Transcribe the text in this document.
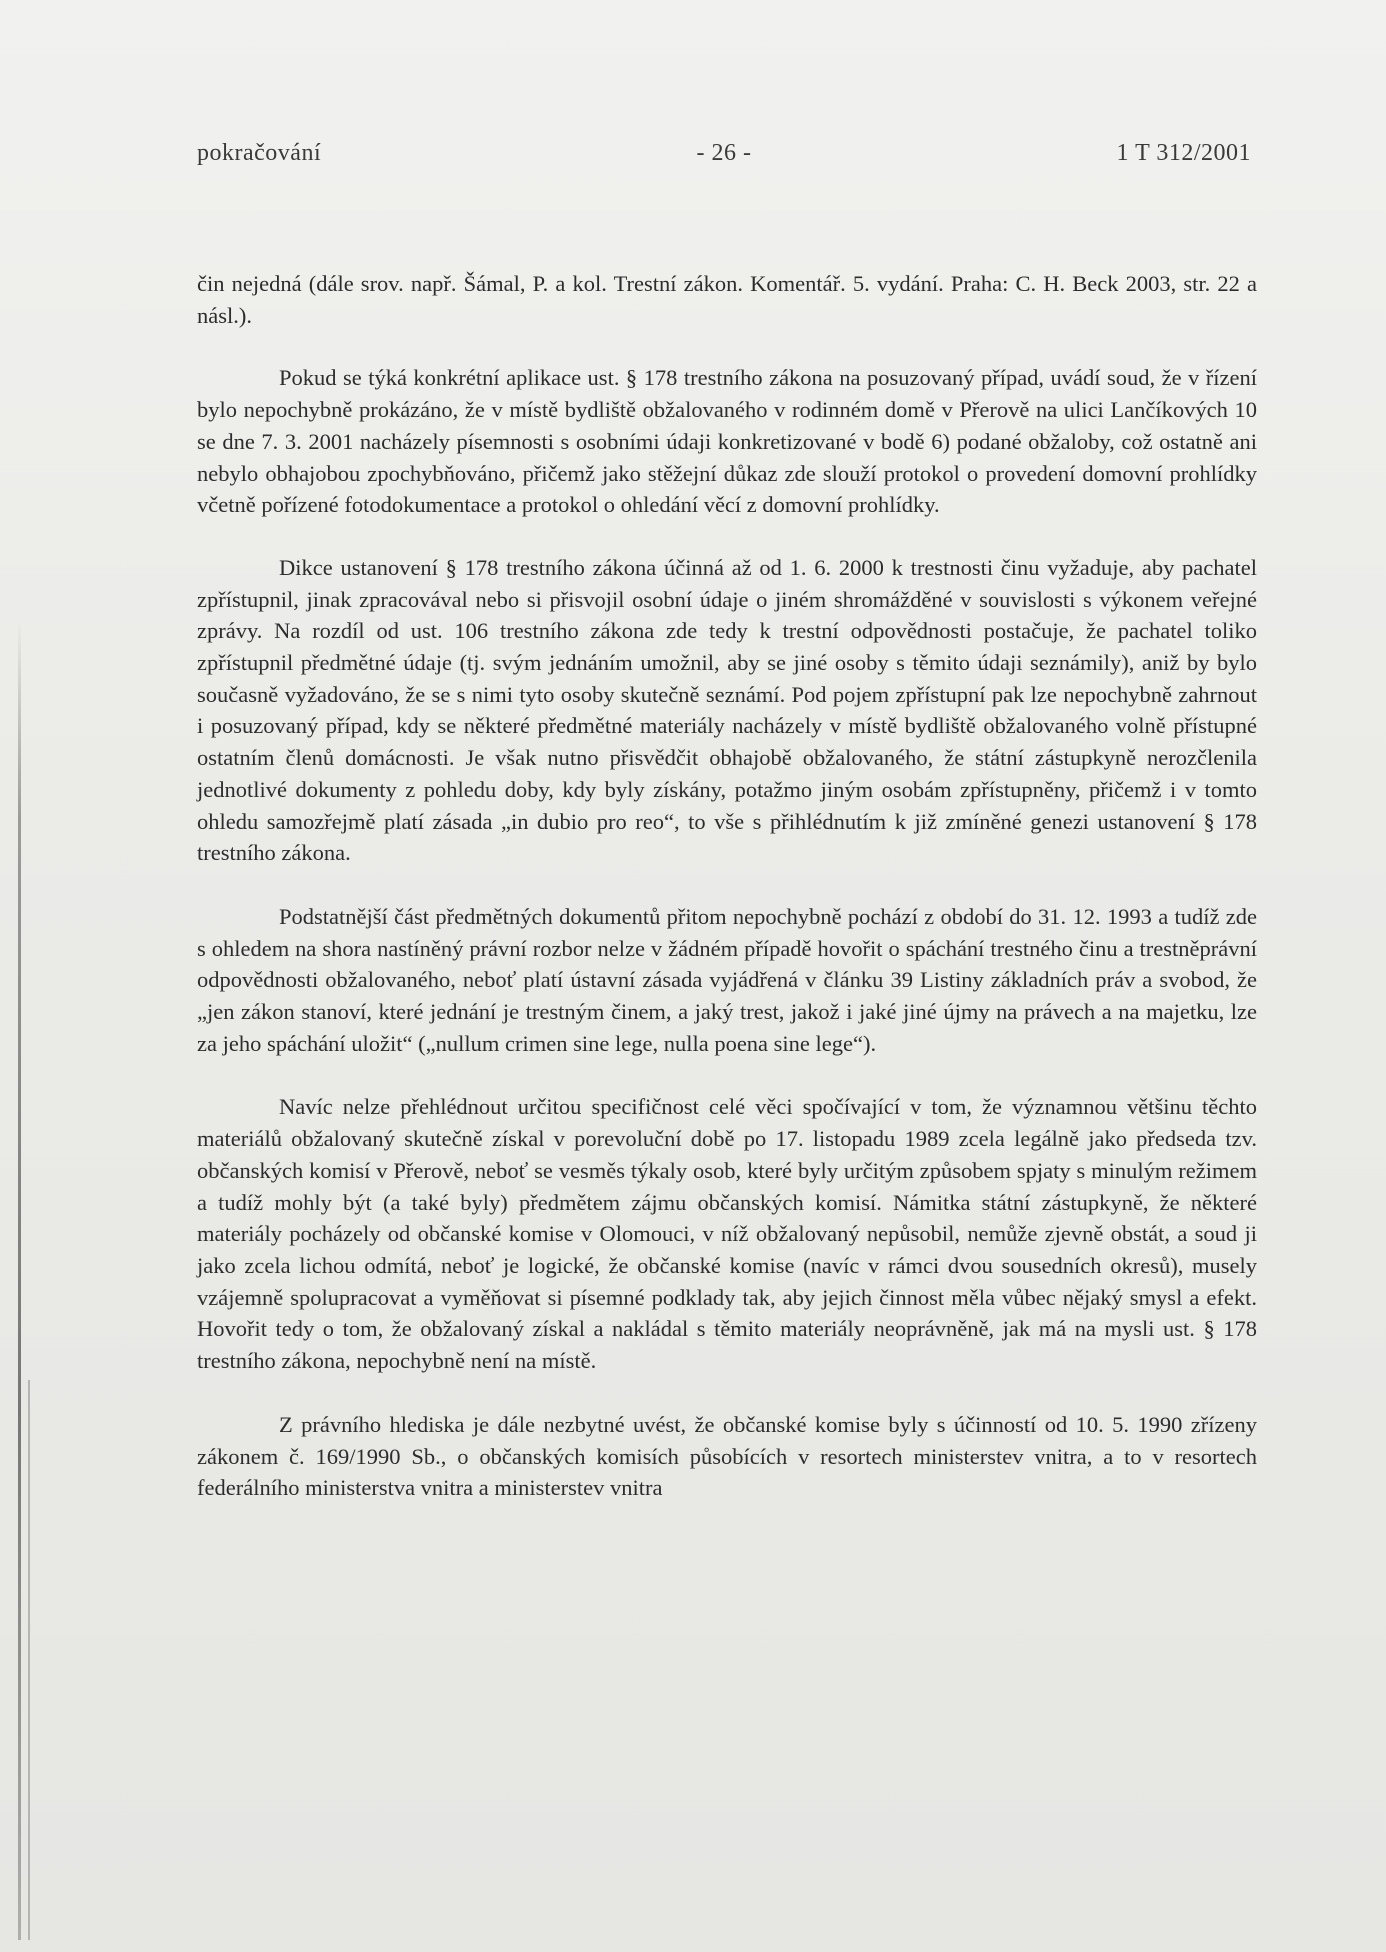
pokračování	- 26 -	1 T 312/2001

čin nejedná (dále srov. např. Šámal, P. a kol. Trestní zákon. Komentář. 5. vydání. Praha: C. H. Beck 2003, str. 22 a násl.).

Pokud se týká konkrétní aplikace ust. § 178 trestního zákona na posuzovaný případ, uvádí soud, že v řízení bylo nepochybně prokázáno, že v místě bydliště obžalovaného v rodinném domě v Přerově na ulici Lančíkových 10 se dne 7. 3. 2001 nacházely písemnosti s osobními údaji konkretizované v bodě 6) podané obžaloby, což ostatně ani nebylo obhajobou zpochybňováno, přičemž jako stěžejní důkaz zde slouží protokol o provedení domovní prohlídky včetně pořízené fotodokumentace a protokol o ohledání věcí z domovní prohlídky.

Dikce ustanovení § 178 trestního zákona účinná až od 1. 6. 2000 k trestnosti činu vyžaduje, aby pachatel zpřístupnil, jinak zpracovával nebo si přisvojil osobní údaje o jiném shromážděné v souvislosti s výkonem veřejné zprávy. Na rozdíl od ust. 106 trestního zákona zde tedy k trestní odpovědnosti postačuje, že pachatel toliko zpřístupnil předmětné údaje (tj. svým jednáním umožnil, aby se jiné osoby s těmito údaji seznámily), aniž by bylo současně vyžadováno, že se s nimi tyto osoby skutečně seznámí. Pod pojem zpřístupní pak lze nepochybně zahrnout i posuzovaný případ, kdy se některé předmětné materiály nacházely v místě bydliště obžalovaného volně přístupné ostatním členů domácnosti. Je však nutno přisvědčit obhajobě obžalovaného, že státní zástupkyně nerozčlenila jednotlivé dokumenty z pohledu doby, kdy byly získány, potažmo jiným osobám zpřístupněny, přičemž i v tomto ohledu samozřejmě platí zásada „in dubio pro reo“, to vše s přihlédnutím k již zmíněné genezi ustanovení § 178 trestního zákona.

Podstatnější část předmětných dokumentů přitom nepochybně pochází z období do 31. 12. 1993 a tudíž zde s ohledem na shora nastíněný právní rozbor nelze v žádném případě hovořit o spáchání trestného činu a trestněprávní odpovědnosti obžalovaného, neboť platí ústavní zásada vyjádřená v článku 39 Listiny základních práv a svobod, že „jen zákon stanoví, které jednání je trestným činem, a jaký trest, jakož i jaké jiné újmy na právech a na majetku, lze za jeho spáchání uložit“ („nullum crimen sine lege, nulla poena sine lege“).

Navíc nelze přehlédnout určitou specifičnost celé věci spočívající v tom, že významnou většinu těchto materiálů obžalovaný skutečně získal v porevoluční době po 17. listopadu 1989 zcela legálně jako předseda tzv. občanských komisí v Přerově, neboť se vesměs týkaly osob, které byly určitým způsobem spjaty s minulým režimem a tudíž mohly být (a také byly) předmětem zájmu občanských komisí. Námitka státní zástupkyně, že některé materiály pocházely od občanské komise v Olomouci, v níž obžalovaný nepůsobil, nemůže zjevně obstát, a soud ji jako zcela lichou odmítá, neboť je logické, že občanské komise (navíc v rámci dvou sousedních okresů), musely vzájemně spolupracovat a vyměňovat si písemné podklady tak, aby jejich činnost měla vůbec nějaký smysl a efekt. Hovořit tedy o tom, že obžalovaný získal a nakládal s těmito materiály neoprávněně, jak má na mysli ust. § 178 trestního zákona, nepochybně není na místě.

Z právního hlediska je dále nezbytné uvést, že občanské komise byly s účinností od 10. 5. 1990 zřízeny zákonem č. 169/1990 Sb., o občanských komisích působících v resortech ministerstev vnitra, a to v resortech federálního ministerstva vnitra a ministerstev vnitra
